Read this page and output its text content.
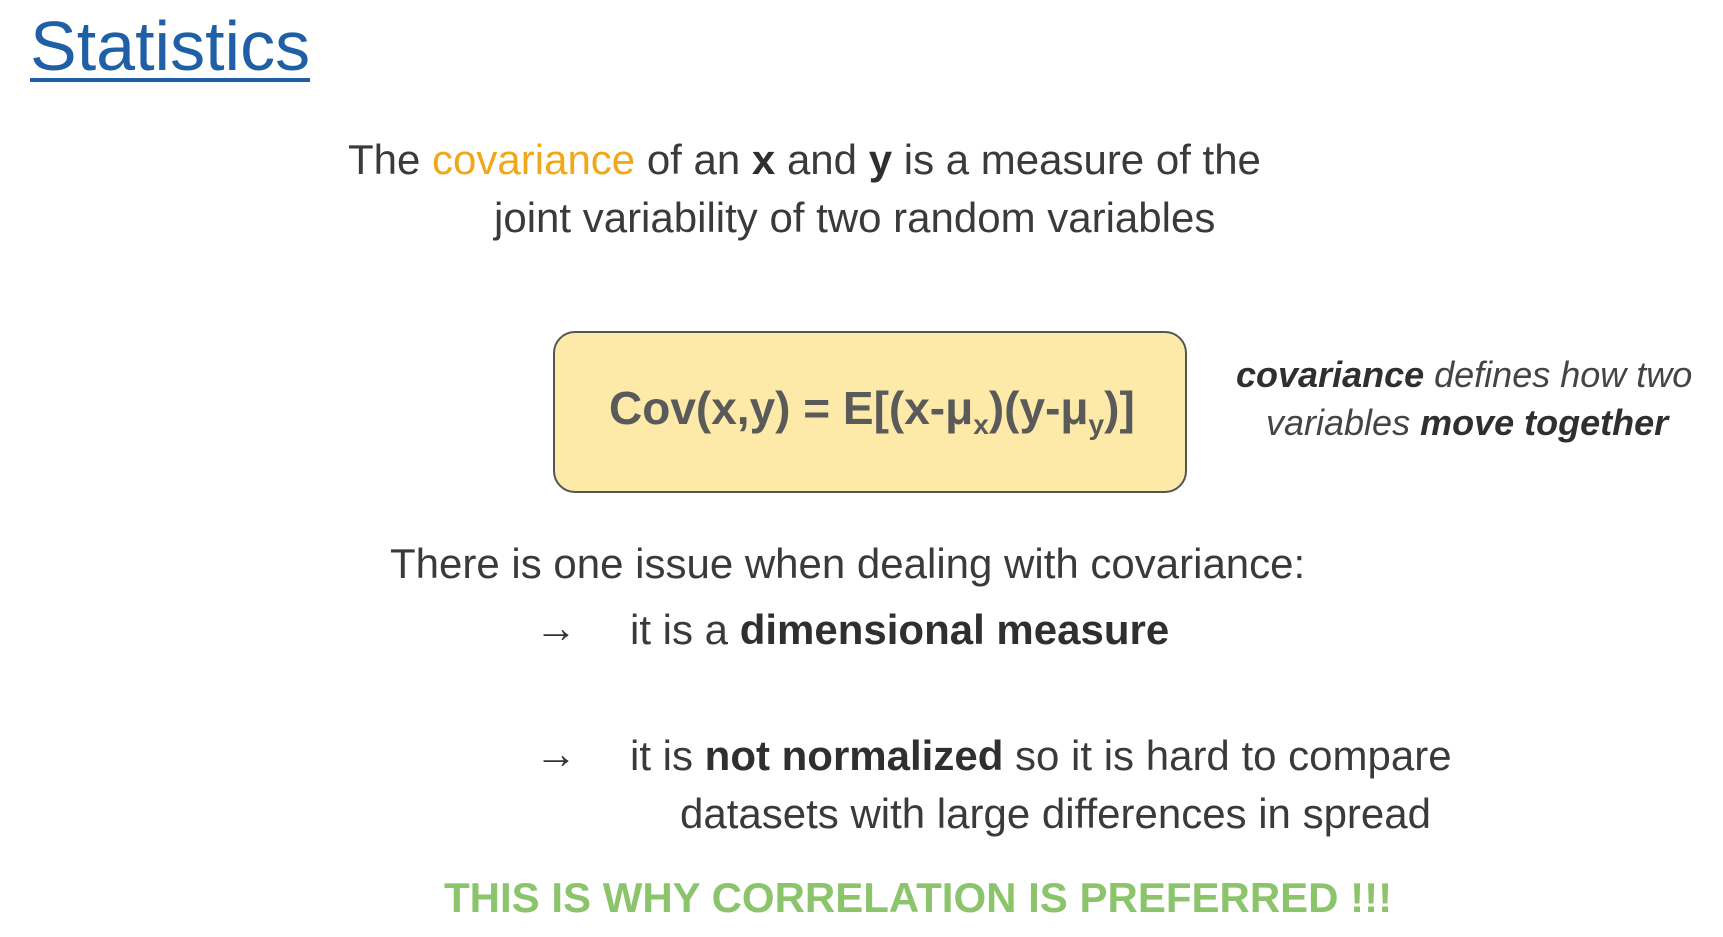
Statistics
The covariance of an x and y is a measure of the
joint variability of two random variables
$Cov(x,y) = E[(x-\mu_x)(y-\mu_y)]$
covariance defines how two
variables move together
There is one issue when dealing with covariance:
→ it is a dimensional measure
→ it is not normalized so it is hard to compare
datasets with large differences in spread
THIS IS WHY CORRELATION IS PREFERRED !!!
